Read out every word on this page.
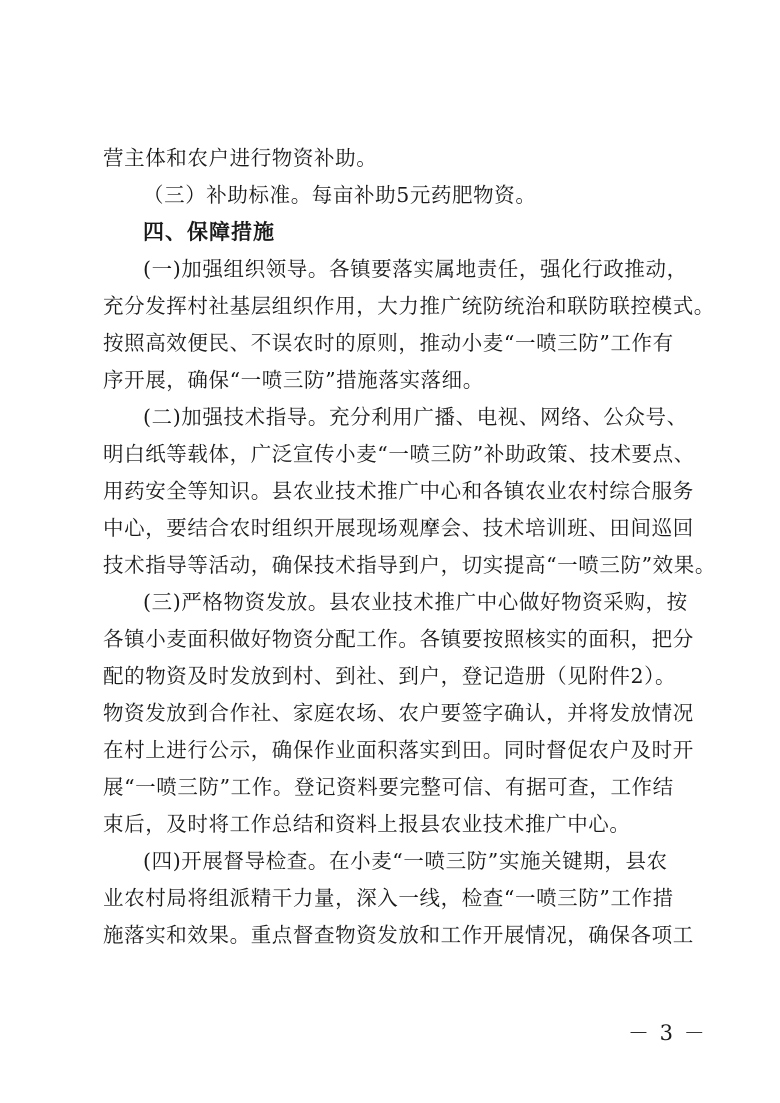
营主体和农户进行物资补助。
（三）补助标准。每亩补助5元药肥物资。
四、保障措施
(一)加强组织领导。各镇要落实属地责任，强化行政推动，
充分发挥村社基层组织作用，大力推广统防统治和联防联控模式。
按照高效便民、不误农时的原则，推动小麦“一喷三防”工作有
序开展，确保“一喷三防”措施落实落细。
(二)加强技术指导。充分利用广播、电视、网络、公众号、
明白纸等载体，广泛宣传小麦“一喷三防”补助政策、技术要点、
用药安全等知识。县农业技术推广中心和各镇农业农村综合服务
中心，要结合农时组织开展现场观摩会、技术培训班、田间巡回
技术指导等活动，确保技术指导到户，切实提高“一喷三防”效果。
(三)严格物资发放。县农业技术推广中心做好物资采购，按
各镇小麦面积做好物资分配工作。各镇要按照核实的面积，把分
配的物资及时发放到村、到社、到户，登记造册（见附件2）。
物资发放到合作社、家庭农场、农户要签字确认，并将发放情况
在村上进行公示，确保作业面积落实到田。同时督促农户及时开
展“一喷三防”工作。登记资料要完整可信、有据可查，工作结
束后，及时将工作总结和资料上报县农业技术推广中心。
(四)开展督导检查。在小麦“一喷三防”实施关键期，县农
业农村局将组派精干力量，深入一线，检查“一喷三防”工作措
施落实和效果。重点督查物资发放和工作开展情况，确保各项工
－ 3 －
